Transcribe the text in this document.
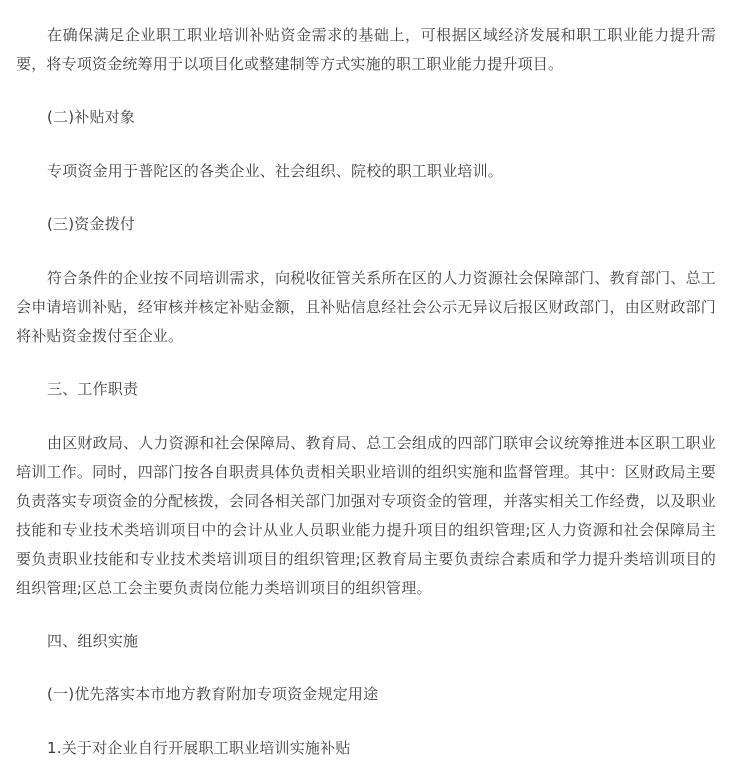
在确保满足企业职工职业培训补贴资金需求的基础上，可根据区域经济发展和职工职业能力提升需要，将专项资金统筹用于以项目化或整建制等方式实施的职工职业能力提升项目。

(二)补贴对象

专项资金用于普陀区的各类企业、社会组织、院校的职工职业培训。

(三)资金拨付

符合条件的企业按不同培训需求，向税收征管关系所在区的人力资源社会保障部门、教育部门、总工会申请培训补贴，经审核并核定补贴金额，且补贴信息经社会公示无异议后报区财政部门，由区财政部门将补贴资金拨付至企业。

三、工作职责

由区财政局、人力资源和社会保障局、教育局、总工会组成的四部门联审会议统筹推进本区职工职业培训工作。同时，四部门按各自职责具体负责相关职业培训的组织实施和监督管理。其中：区财政局主要负责落实专项资金的分配核拨，会同各相关部门加强对专项资金的管理，并落实相关工作经费，以及职业技能和专业技术类培训项目中的会计从业人员职业能力提升项目的组织管理;区人力资源和社会保障局主要负责职业技能和专业技术类培训项目的组织管理;区教育局主要负责综合素质和学力提升类培训项目的组织管理;区总工会主要负责岗位能力类培训项目的组织管理。

四、组织实施

(一)优先落实本市地方教育附加专项资金规定用途

1.关于对企业自行开展职工职业培训实施补贴
